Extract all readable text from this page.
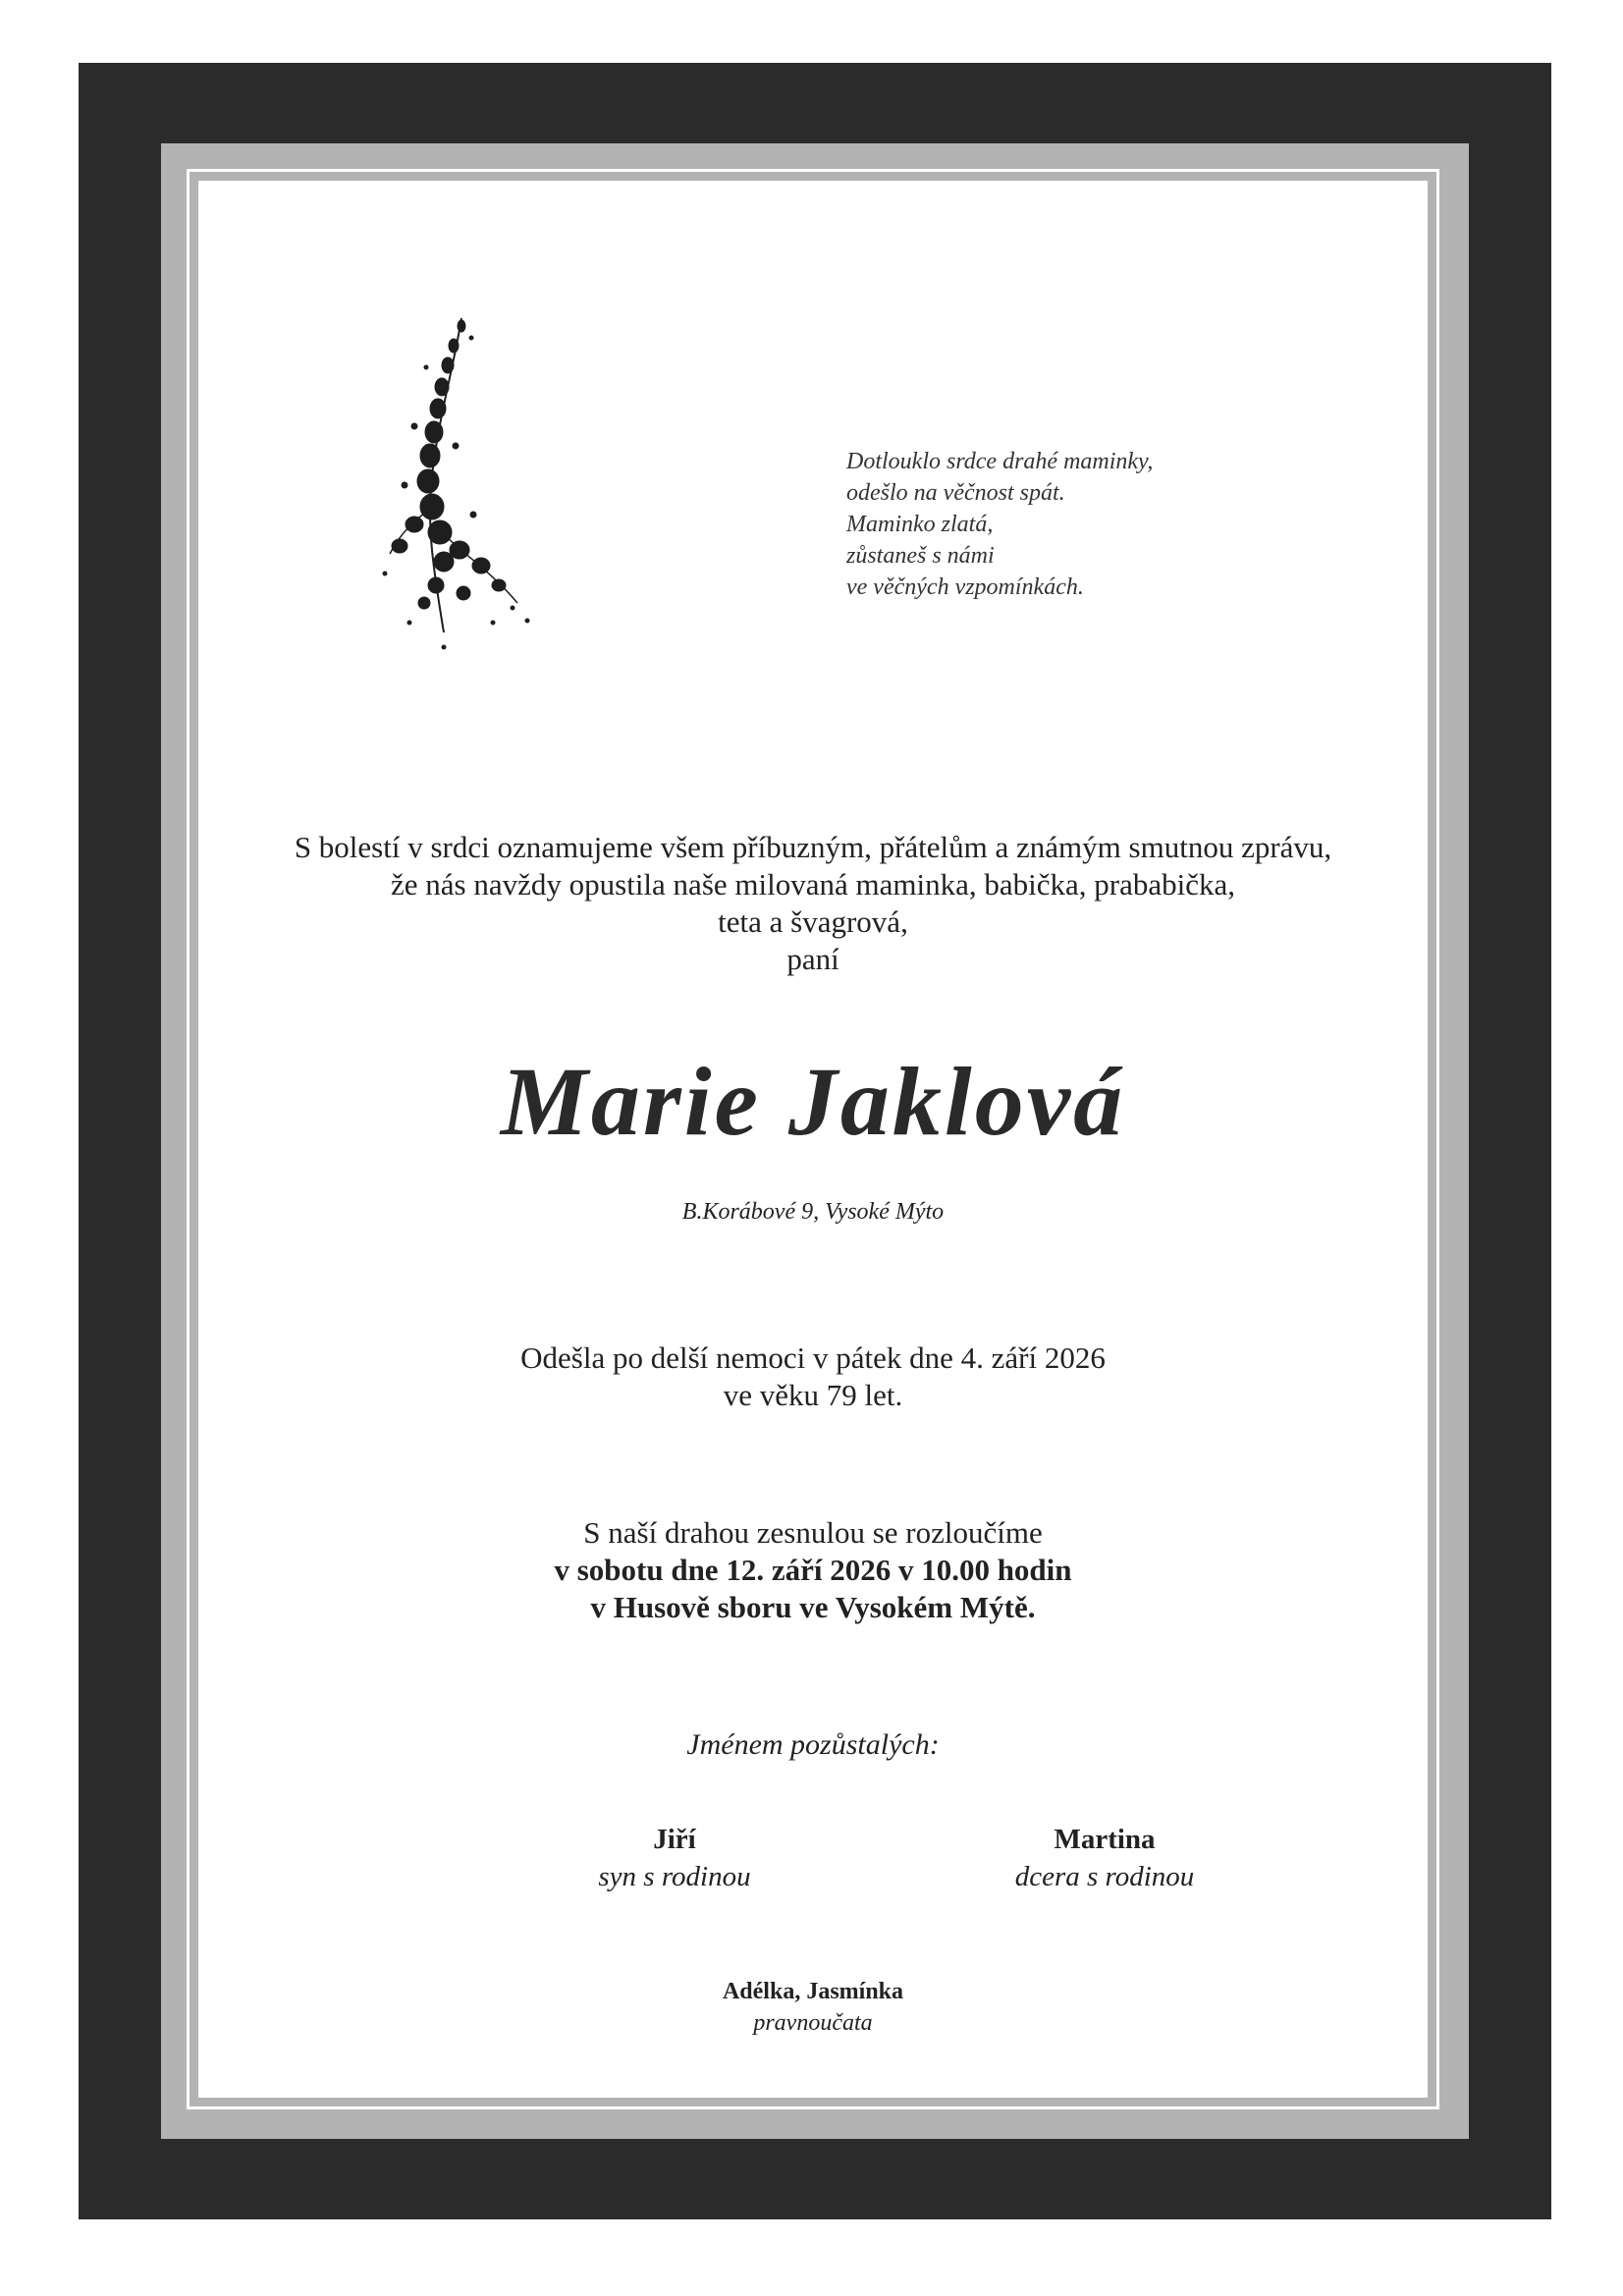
Dotlouklo srdce drahé maminky,
odešlo na věčnost spát.
Maminko zlatá,
zůstaneš s námi
ve věčných vzpomínkách.
S bolestí v srdci oznamujeme všem příbuzným, přátelům a známým smutnou zprávu,
že nás navždy opustila naše milovaná maminka, babička, prababička,
teta a švagrová,
paní
Marie Jaklová
B.Korábové 9, Vysoké Mýto
Odešla po delší nemoci v pátek dne 4. září 2026
ve věku 79 let.
S naší drahou zesnulou se rozloučíme
v sobotu dne 12. září 2026 v 10.00 hodin
v Husově sboru ve Vysokém Mýtě.
Jménem pozůstalých:
Jiří
syn s rodinou
Martina
dcera s rodinou
Adélka, Jasmínka
pravnoučata
